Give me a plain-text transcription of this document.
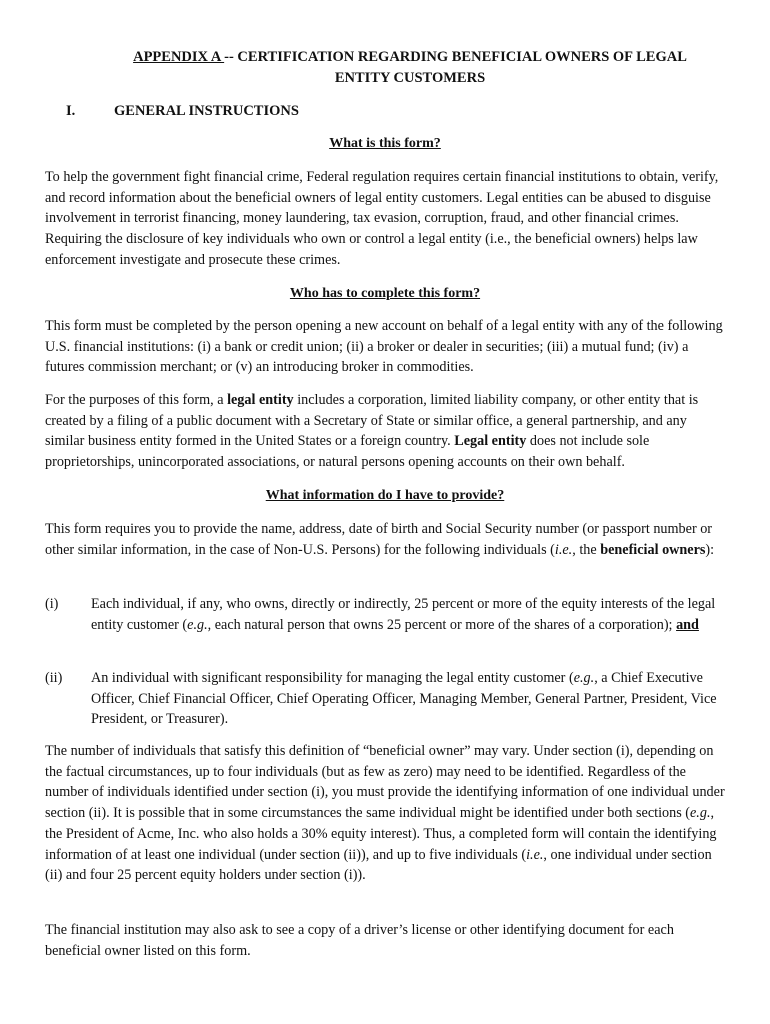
APPENDIX A -- CERTIFICATION REGARDING BENEFICIAL OWNERS OF LEGAL
ENTITY CUSTOMERS
I.	GENERAL INSTRUCTIONS
What is this form?
To help the government fight financial crime, Federal regulation requires certain financial institutions to obtain, verify, and record information about the beneficial owners of legal entity customers. Legal entities can be abused to disguise involvement in terrorist financing, money laundering, tax evasion, corruption, fraud, and other financial crimes. Requiring the disclosure of key individuals who own or control a legal entity (i.e., the beneficial owners) helps law enforcement investigate and prosecute these crimes.
Who has to complete this form?
This form must be completed by the person opening a new account on behalf of a legal entity with any of the following U.S. financial institutions: (i) a bank or credit union; (ii) a broker or dealer in securities; (iii) a mutual fund; (iv) a futures commission merchant; or (v) an introducing broker in commodities.
For the purposes of this form, a legal entity includes a corporation, limited liability company, or other entity that is created by a filing of a public document with a Secretary of State or similar office, a general partnership, and any similar business entity formed in the United States or a foreign country. Legal entity does not include sole proprietorships, unincorporated associations, or natural persons opening accounts on their own behalf.
What information do I have to provide?
This form requires you to provide the name, address, date of birth and Social Security number (or passport number or other similar information, in the case of Non-U.S. Persons) for the following individuals (i.e., the beneficial owners):
(i) Each individual, if any, who owns, directly or indirectly, 25 percent or more of the equity interests of the legal entity customer (e.g., each natural person that owns 25 percent or more of the shares of a corporation); and
(ii) An individual with significant responsibility for managing the legal entity customer (e.g., a Chief Executive Officer, Chief Financial Officer, Chief Operating Officer, Managing Member, General Partner, President, Vice President, or Treasurer).
The number of individuals that satisfy this definition of “beneficial owner” may vary. Under section (i), depending on the factual circumstances, up to four individuals (but as few as zero) may need to be identified. Regardless of the number of individuals identified under section (i), you must provide the identifying information of one individual under section (ii). It is possible that in some circumstances the same individual might be identified under both sections (e.g., the President of Acme, Inc. who also holds a 30% equity interest). Thus, a completed form will contain the identifying information of at least one individual (under section (ii)), and up to five individuals (i.e., one individual under section (ii) and four 25 percent equity holders under section (i)).
The financial institution may also ask to see a copy of a driver’s license or other identifying document for each beneficial owner listed on this form.
